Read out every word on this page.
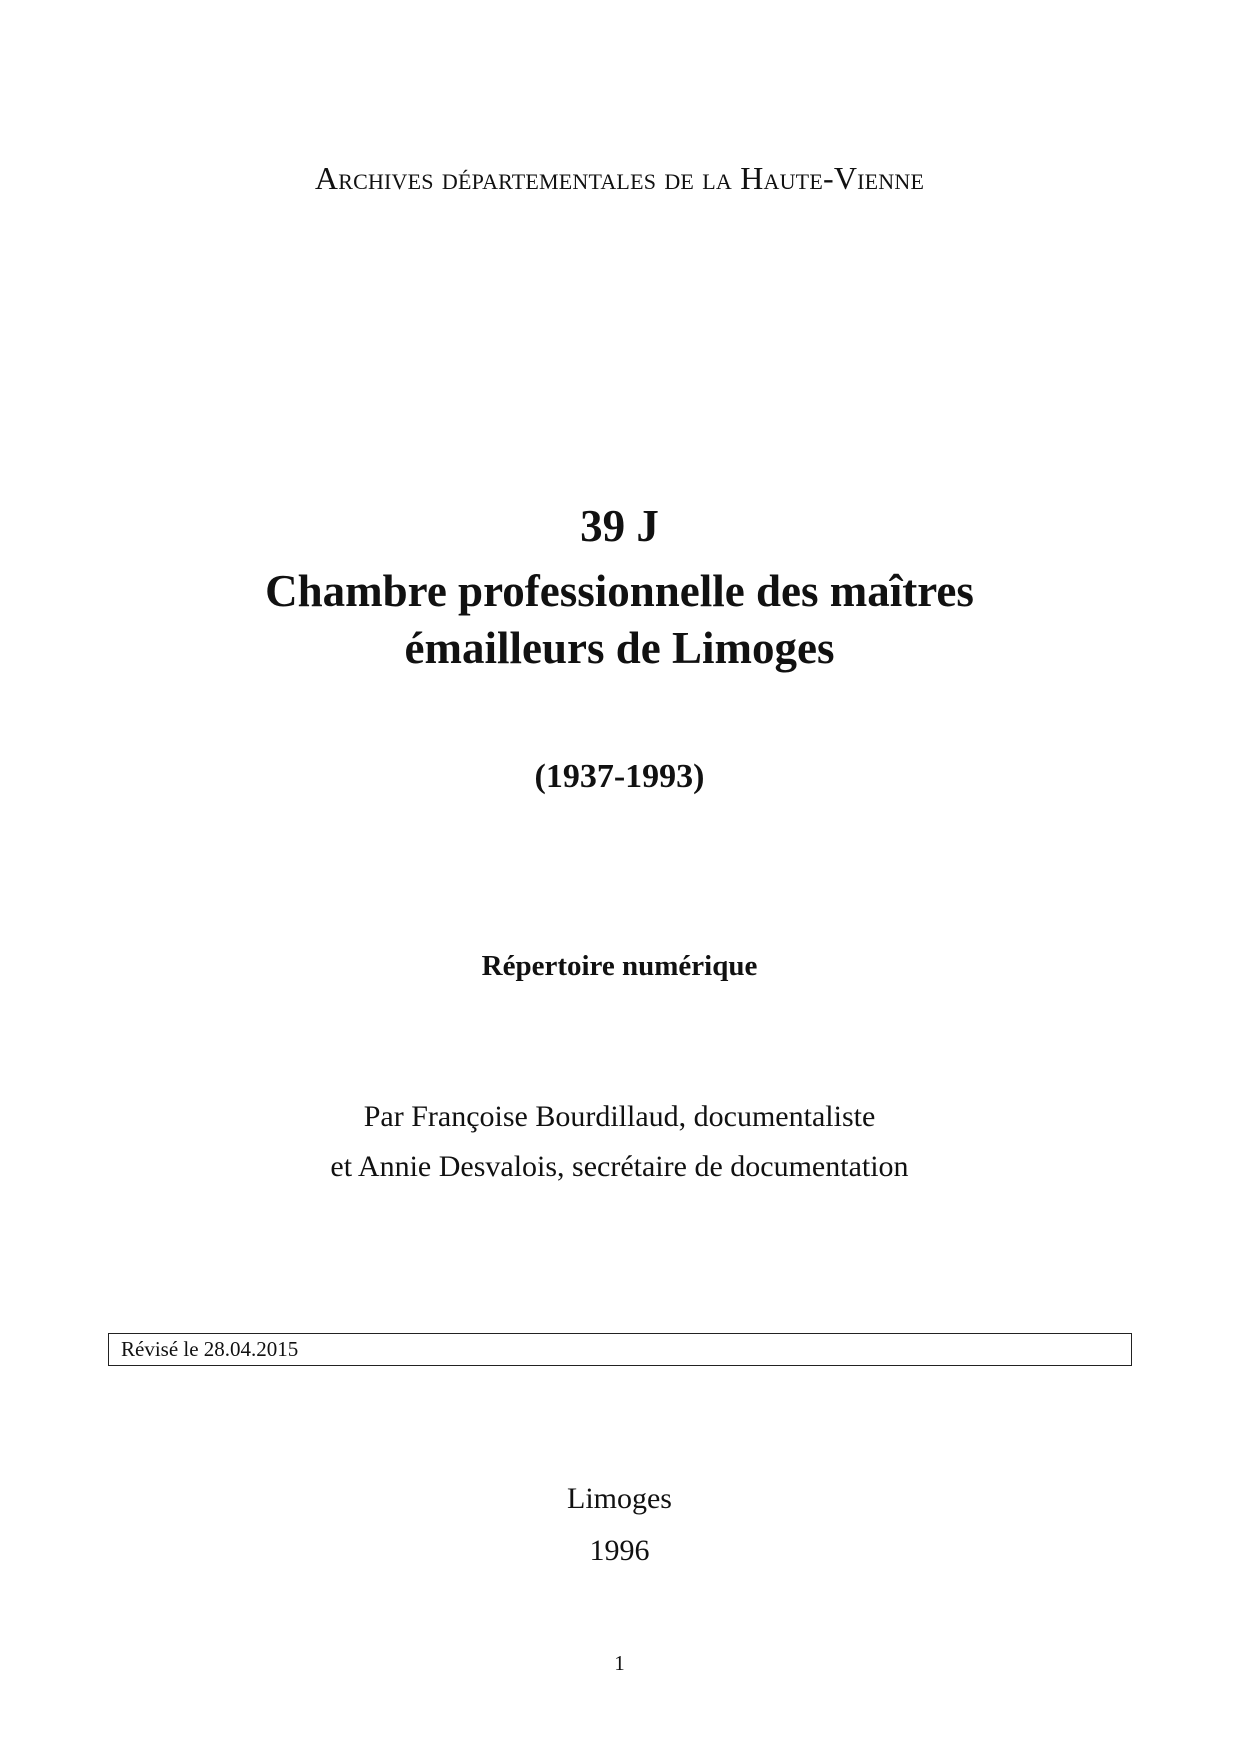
Archives départementales de la Haute-Vienne
39 J
Chambre professionnelle des maîtres
émailleurs de Limoges
(1937-1993)
Répertoire numérique
Par Françoise Bourdillaud, documentaliste
et Annie Desvalois, secrétaire de documentation
Révisé le 28.04.2015
Limoges
1996
1
